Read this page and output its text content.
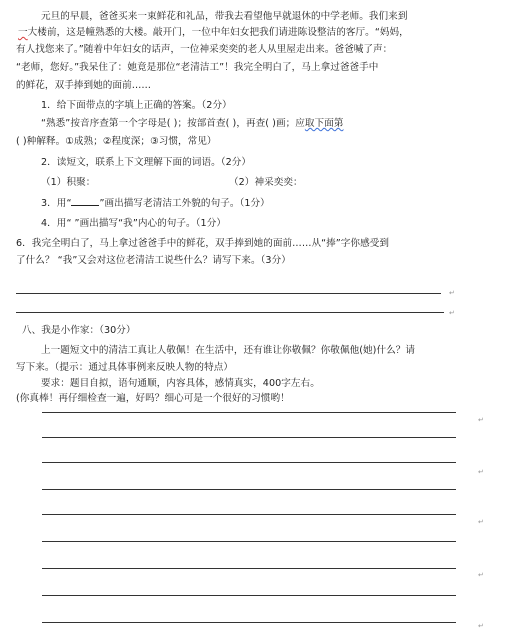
元旦的早晨，爸爸买来一束鲜花和礼品，带我去看望他早就退休的中学老师。我们来到
一大楼前，这是幢熟悉的大楼。敲开门，一位中年妇女把我们请进陈设整洁的客厅。“妈妈，
有人找您来了。”随着中年妇女的话声，一位神采奕奕的老人从里屋走出来。爸爸喊了声：
“老师，您好。”我呆住了：她竟是那位“老清洁工”！我完全明白了，马上拿过爸爸手中
的鲜花，双手捧到她的面前……
1．给下面带点的字填上正确的答案。（2分）
“熟悉”按音序查第一个字母是( )；按部首查( )，再查( )画；应取下面第
( )种解释。①成熟；②程度深；③习惯，常见）
2．读短文，联系上下文理解下面的词语。（2分）
（1）积聚：	（2）神采奕奕：
3．用“	”画出描写老清洁工外貌的句子。（1分）
4．用“ ”画出描写“我”内心的句子。（1分）
6．我完全明白了，马上拿过爸爸手中的鲜花，双手捧到她的面前……从“捧”字你感受到
了什么？ “我”又会对这位老清洁工说些什么？请写下来。（3分）
八、我是小作家：（30分）
上一题短文中的清洁工真让人敬佩！在生活中，还有谁让你敬佩？你敬佩他(她)什么？请
写下来。（提示：通过具体事例来反映人物的特点）
要求：题目自拟，语句通顺，内容具体，感情真实，400字左右。
(你真棒！再仔细检查一遍，好吗？细心可是一个很好的习惯哟！
↵
↵
↵
↵
↵
↵
↵
